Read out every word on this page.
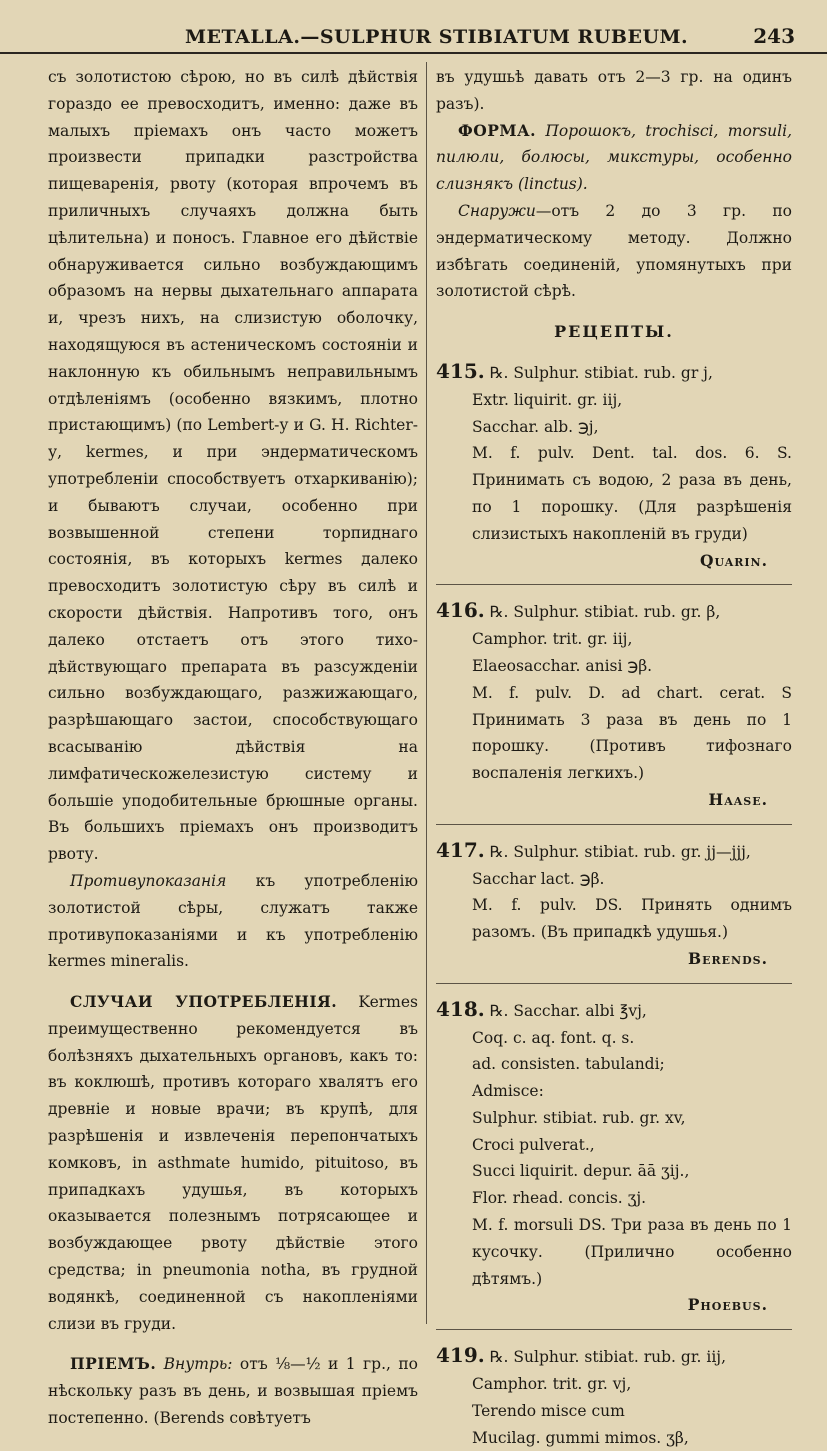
METALLA.—SULPHUR STIBIATUM RUBEUM.	243

съ золотистою сѣрою, но въ силѣ дѣйствія гораздо ее превосходитъ, именно: даже въ малыхъ пріемахъ онъ часто можетъ произвести припадки разстройства пищеваренія, рвоту (которая впрочемъ въ приличныхъ случаяхъ должна быть цѣлительна) и поносъ. Главное его дѣйствіе обнаруживается сильно возбуждающимъ образомъ на нервы дыхательнаго аппарата и, чрезъ нихъ, на слизистую оболочку, находящуюся въ астеническомъ состояніи и наклонную къ обильнымъ неправильнымъ отдѣленіямъ (особенно вязкимъ, плотно пристающимъ) (по Lembert-у и G. H. Richter-у, kermes, и при эндерматическомъ употребленіи способствуетъ отхаркиванію); и бываютъ случаи, особенно при возвышенной степени торпиднаго состоянія, въ которыхъ kermes далеко превосходитъ золотистую сѣру въ силѣ и скорости дѣйствія. Напротивъ того, онъ далеко отстаетъ отъ этого тихо-дѣйствующаго препарата въ разсужденіи сильно возбуждающаго, разжижающаго, разрѣшающаго застои, способствующаго всасыванію дѣйствія на лимфатическожелезистую систему и большіе уподобительные брюшные органы. Въ большихъ пріемахъ онъ производитъ рвоту.

Противупоказанія къ употребленію золотистой сѣры, служатъ также противупоказаніями и къ употребленію kermes mineralis.

СЛУЧАИ УПОТРЕБЛЕНІЯ. Kermes преимущественно рекомендуется въ болѣзняхъ дыхательныхъ органовъ, какъ то: въ коклюшѣ, противъ котораго хвалятъ его древніе и новые врачи; въ крупѣ, для разрѣшенія и извлеченія перепончатыхъ комковъ, in asthmate humido, pituitoso, въ припадкахъ удушья, въ которыхъ оказывается полезнымъ потрясающее и возбуждающее рвоту дѣйствіе этого средства; in pneumonia notha, въ грудной водянкѣ, соединенной съ накопленіями слизи въ груди.

ПРІЕМЪ. Внутрь: отъ ⅛—½ и 1 гр., по нѣскольку разъ въ день, и возвышая пріемъ постепенно. (Berends совѣтуетъ

въ удушьѣ давать отъ 2—3 гр. на одинъ разъ).

ФОРМА. Порошокъ, trochisci, morsuli, пилюли, болюсы, микстуры, особенно слизнякъ (linctus).

Снаружи—отъ 2 до 3 гр. по эндерматическому методу. Должно избѣгать соединеній, упомянутыхъ при золотистой сѣрѣ.

РЕЦЕПТЫ.
415. ℞. Sulphur. stibiat. rub. gr j,
Extr. liquirit. gr. iij,
Sacchar. alb. ℈j,
M. f. pulv. Dent. tal. dos. 6. S. Принимать съ водою, 2 раза въ день, по 1 порошку. (Для разрѣшенія слизистыхъ накопленій въ груди)
Quarin.
416. ℞. Sulphur. stibiat. rub. gr. β,
Camphor. trit. gr. iij,
Elaeosacchar. anisi ℈β.
M. f. pulv. D. ad chart. cerat. S Принимать 3 раза въ день по 1 порошку. (Противъ тифознаго воспаленія легкихъ.)
Haase.
417. ℞. Sulphur. stibiat. rub. gr. jj—jjj,
Sacchar lact. ℈β.
M. f. pulv. DS. Принять однимъ разомъ. (Въ припадкѣ удушья.)
Berends.
418. ℞. Sacchar. albi ℥vj,
Coq. c. aq. font. q. s.
ad. consisten. tabulandi;
Admisce:
Sulphur. stibiat. rub. gr. xv,
Croci pulverat.,
Succi liquirit. depur. āā ʒij.,
Flor. rhead. concis. ʒj.
M. f. morsuli DS. Три раза въ день по 1 кусочку. (Прилично особенно дѣтямъ.)
Phoebus.
419. ℞. Sulphur. stibiat. rub. gr. iij,
Camphor. trit. gr. vj,
Terendo misce cum
Mucilag. gummi mimos. ʒβ,
